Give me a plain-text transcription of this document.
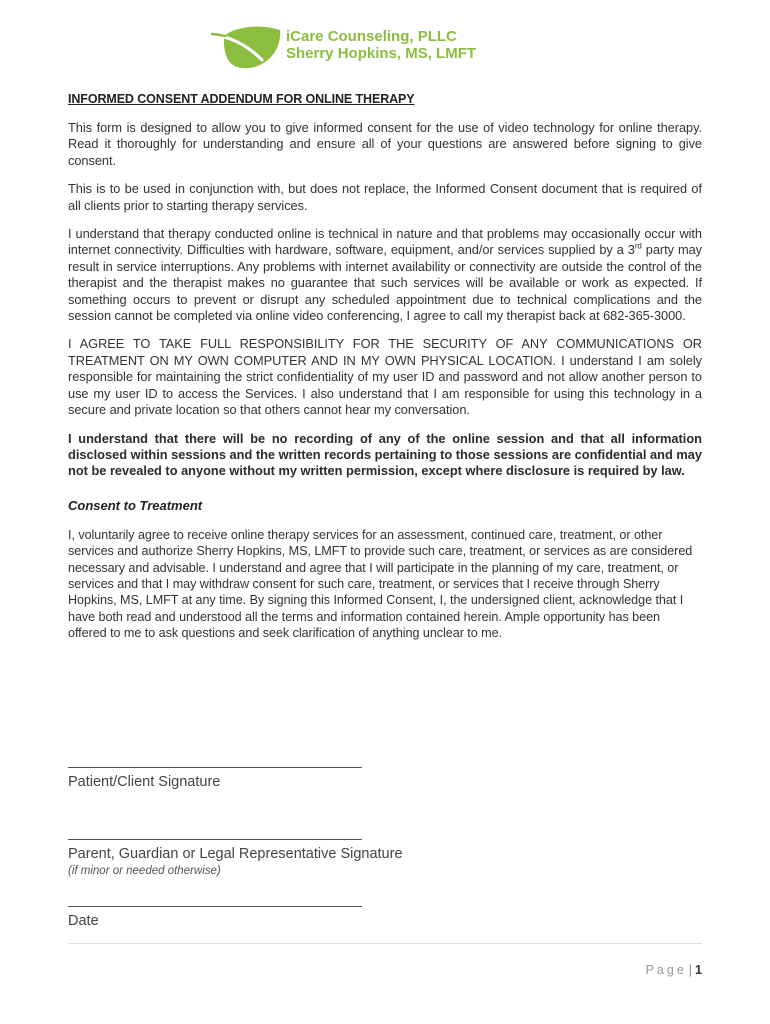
iCare Counseling, PLLC
Sherry Hopkins, MS, LMFT
INFORMED CONSENT ADDENDUM FOR ONLINE THERAPY

This form is designed to allow you to give informed consent for the use of video technology for online therapy. Read it thoroughly for understanding and ensure all of your questions are answered before signing to give consent.

This is to be used in conjunction with, but does not replace, the Informed Consent document that is required of all clients prior to starting therapy services.

I understand that therapy conducted online is technical in nature and that problems may occasionally occur with internet connectivity. Difficulties with hardware, software, equipment, and/or services supplied by a 3rd party may result in service interruptions. Any problems with internet availability or connectivity are outside the control of the therapist and the therapist makes no guarantee that such services will be available or work as expected. If something occurs to prevent or disrupt any scheduled appointment due to technical complications and the session cannot be completed via online video conferencing, I agree to call my therapist back at 682-365-3000.

I AGREE TO TAKE FULL RESPONSIBILITY FOR THE SECURITY OF ANY COMMUNICATIONS OR TREATMENT ON MY OWN COMPUTER AND IN MY OWN PHYSICAL LOCATION. I understand I am solely responsible for maintaining the strict confidentiality of my user ID and password and not allow another person to use my user ID to access the Services. I also understand that I am responsible for using this technology in a secure and private location so that others cannot hear my conversation.

I understand that there will be no recording of any of the online session and that all information disclosed within sessions and the written records pertaining to those sessions are confidential and may not be revealed to anyone without my written permission, except where disclosure is required by law.

Consent to Treatment

I, voluntarily agree to receive online therapy services for an assessment, continued care, treatment, or other services and authorize Sherry Hopkins, MS, LMFT to provide such care, treatment, or services as are considered necessary and advisable. I understand and agree that I will participate in the planning of my care, treatment, or services and that I may withdraw consent for such care, treatment, or services that I receive through Sherry Hopkins, MS, LMFT at any time. By signing this Informed Consent, I, the undersigned client, acknowledge that I have both read and understood all the terms and information contained herein. Ample opportunity has been offered to me to ask questions and seek clarification of anything unclear to me.

Patient/Client Signature
Parent, Guardian or Legal Representative Signature
(if minor or needed otherwise)
Date
Page | 1
